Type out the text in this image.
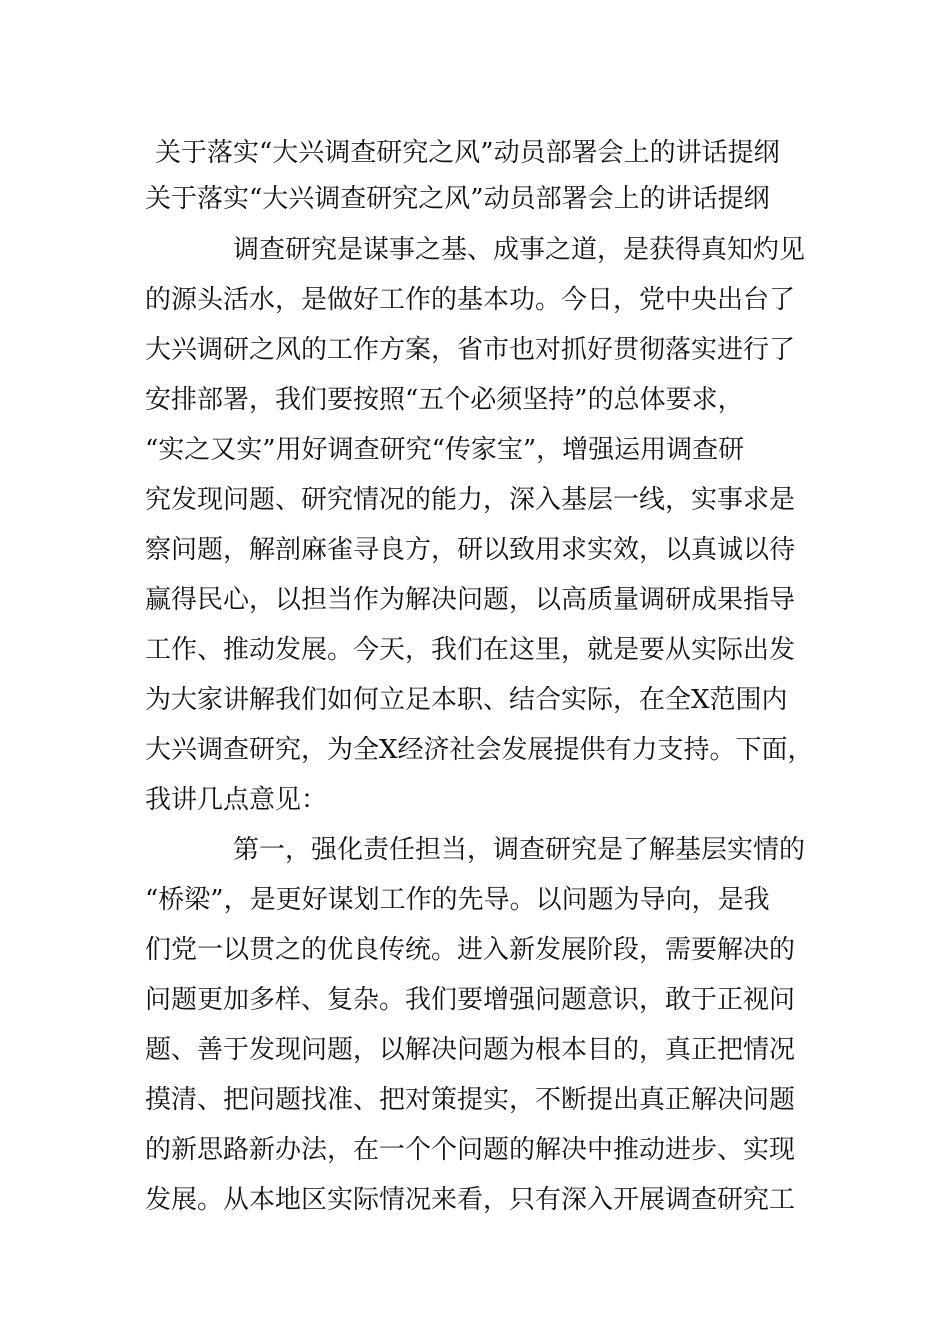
关于落实“大兴调查研究之风”动员部署会上的讲话提纲
关于落实“大兴调查研究之风”动员部署会上的讲话提纲
调查研究是谋事之基、成事之道，是获得真知灼见
的源头活水，是做好工作的基本功。今日，党中央出台了
大兴调研之风的工作方案，省市也对抓好贯彻落实进行了
安排部署，我们要按照“五个必须坚持”的总体要求，
“实之又实”用好调查研究“传家宝”，增强运用调查研
究发现问题、研究情况的能力，深入基层一线，实事求是
察问题，解剖麻雀寻良方，研以致用求实效，以真诚以待
赢得民心，以担当作为解决问题，以高质量调研成果指导
工作、推动发展。今天，我们在这里，就是要从实际出发
为大家讲解我们如何立足本职、结合实际，在全X范围内
大兴调查研究，为全X经济社会发展提供有力支持。下面，
我讲几点意见：
第一，强化责任担当，调查研究是了解基层实情的
“桥梁”，是更好谋划工作的先导。以问题为导向，是我
们党一以贯之的优良传统。进入新发展阶段，需要解决的
问题更加多样、复杂。我们要增强问题意识，敢于正视问
题、善于发现问题，以解决问题为根本目的，真正把情况
摸清、把问题找准、把对策提实，不断提出真正解决问题
的新思路新办法，在一个个问题的解决中推动进步、实现
发展。从本地区实际情况来看，只有深入开展调查研究工
